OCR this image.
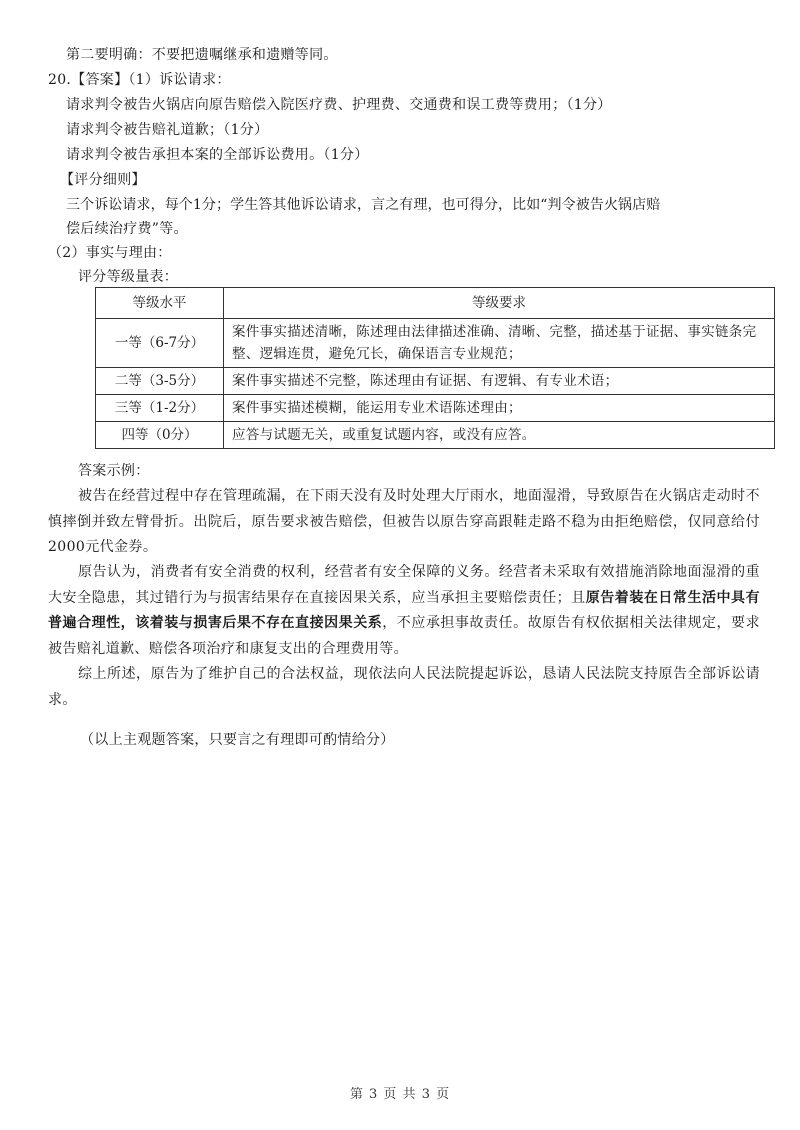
第二要明确：不要把遗嘱继承和遗赠等同。
20.【答案】（1）诉讼请求：
请求判令被告火锅店向原告赔偿入院医疗费、护理费、交通费和误工费等费用；（1分）
请求判令被告赔礼道歉；（1分）
请求判令被告承担本案的全部诉讼费用。（1分）
【评分细则】
三个诉讼请求，每个1分；学生答其他诉讼请求，言之有理，也可得分，比如“判令被告火锅店赔
偿后续治疗费”等。
（2）事实与理由：
评分等级量表：
等级水平	等级要求
一等（6-7分）	案件事实描述清晰，陈述理由法律描述准确、清晰、完整，描述基于证据、事实链条完整、逻辑连贯，避免冗长，确保语言专业规范；
二等（3-5分）	案件事实描述不完整，陈述理由有证据、有逻辑、有专业术语；
三等（1-2分）	案件事实描述模糊，能运用专业术语陈述理由；
四等（0分）	应答与试题无关，或重复试题内容，或没有应答。
答案示例：
被告在经营过程中存在管理疏漏，在下雨天没有及时处理大厅雨水，地面湿滑，导致原告在火锅店走动时不慎摔倒并致左臂骨折。出院后，原告要求被告赔偿，但被告以原告穿高跟鞋走路不稳为由拒绝赔偿，仅同意给付2000元代金券。
原告认为，消费者有安全消费的权利，经营者有安全保障的义务。经营者未采取有效措施消除地面湿滑的重大安全隐患，其过错行为与损害结果存在直接因果关系，应当承担主要赔偿责任；且原告着装在日常生活中具有普遍合理性，该着装与损害后果不存在直接因果关系，不应承担事故责任。故原告有权依据相关法律规定，要求被告赔礼道歉、赔偿各项治疗和康复支出的合理费用等。
综上所述，原告为了维护自己的合法权益，现依法向人民法院提起诉讼，恳请人民法院支持原告全部诉讼请求。
（以上主观题答案，只要言之有理即可酌情给分）
第 3 页 共 3 页
